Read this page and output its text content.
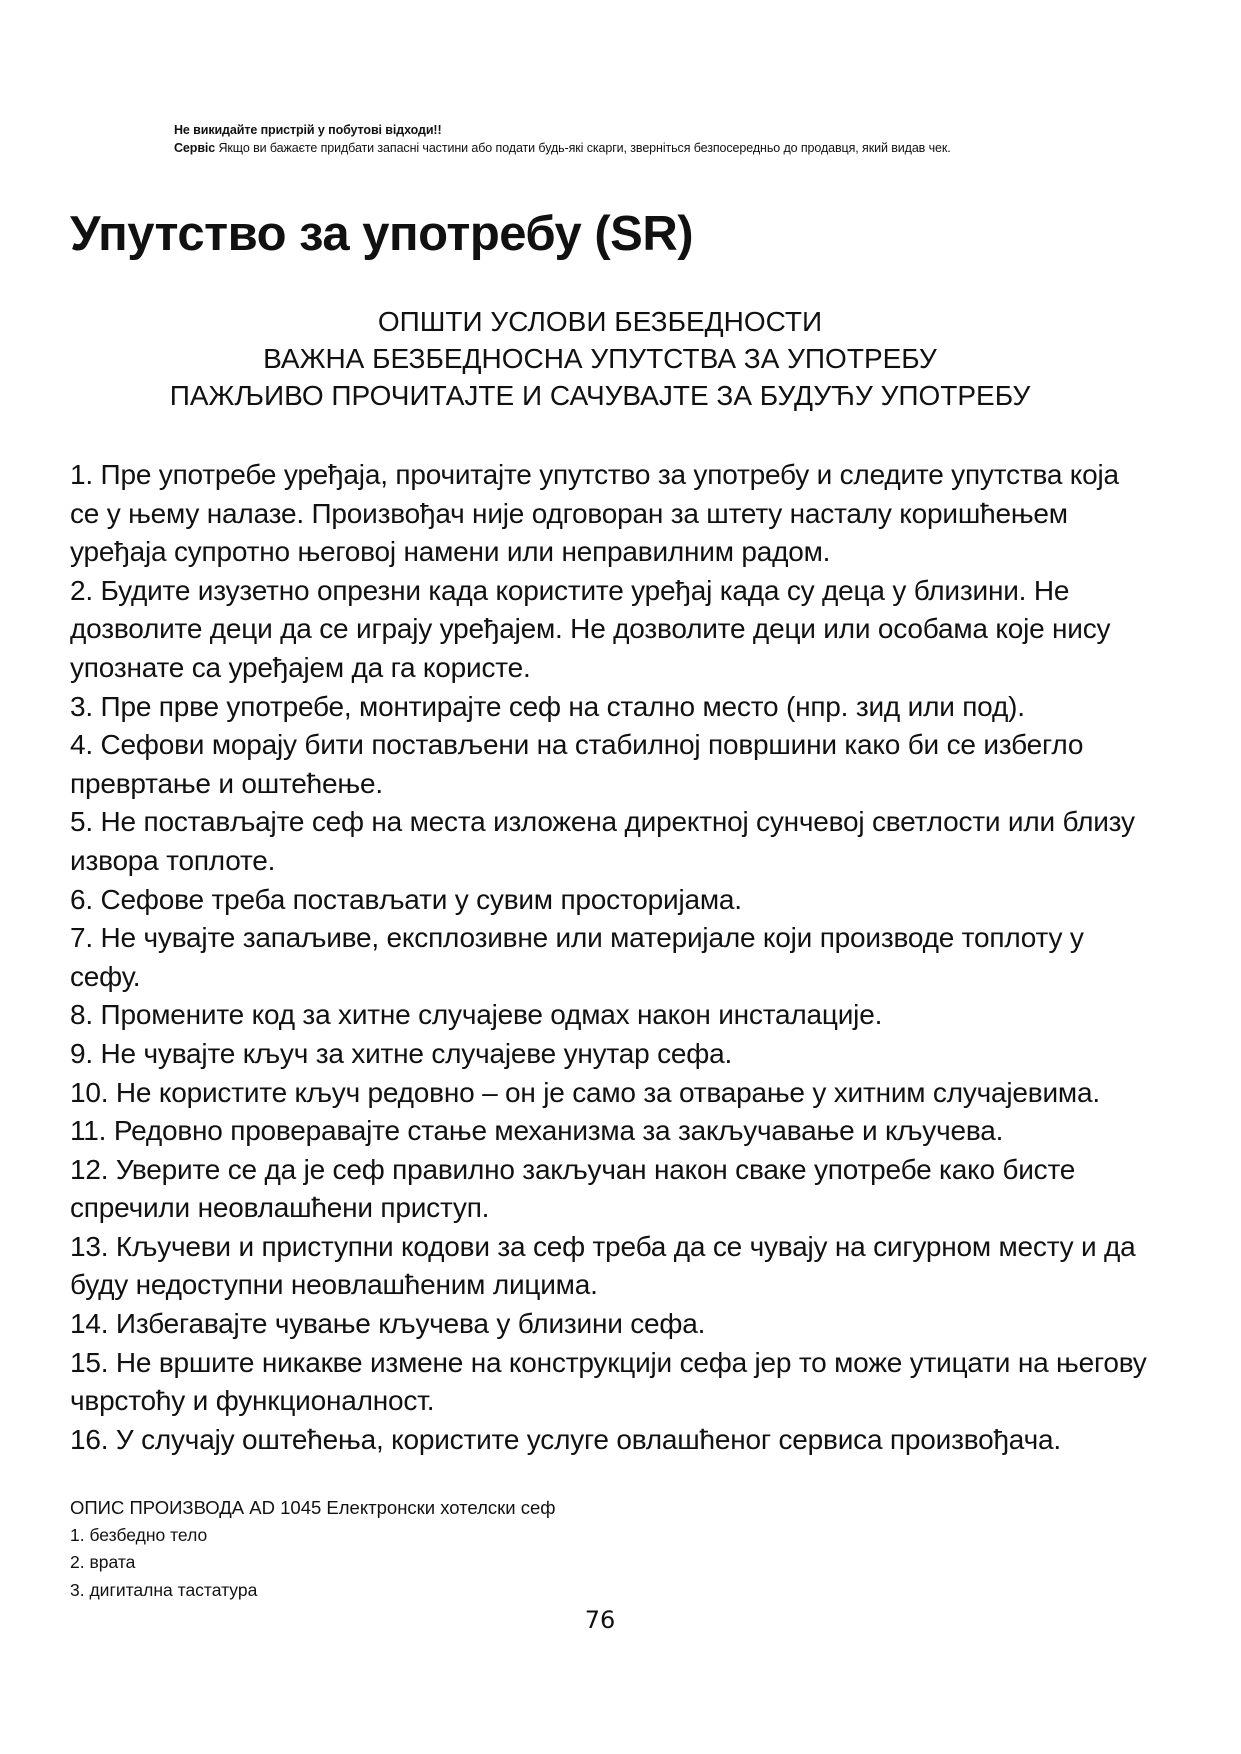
Не викидайте пристрій у побутові відходи!!
Сервіс Якщо ви бажаєте придбати запасні частини або подати будь-які скарги, зверніться безпосередньо до продавця, який видав чек.
Упутство за употребу (SR)
ОПШТИ УСЛОВИ БЕЗБЕДНОСТИ
ВАЖНА БЕЗБЕДНОСНА УПУТСТВА ЗА УПОТРЕБУ
ПАЖЉИВО ПРОЧИТАЈТЕ И САЧУВАЈТЕ ЗА БУДУЋУ УПОТРЕБУ

1. Пре употребе уређаја, прочитајте упутство за употребу и следите упутства која се у њему налазе. Произвођач није одговоран за штету насталу коришћењем уређаја супротно његовој намени или неправилним радом.

2. Будите изузетно опрезни када користите уређај када су деца у близини. Не дозволите деци да се играју уређајем. Не дозволите деци или особама које нису упознате са уређајем да га користе.

3. Пре прве употребе, монтирајте сеф на стално место (нпр. зид или под).

4. Сефови морају бити постављени на стабилној површини како би се избегло превртање и оштећење.

5. Не постављајте сеф на места изложена директној сунчевој светлости или близу извора топлоте.

6. Сефове треба постављати у сувим просторијама.

7. Не чувајте запаљиве, експлозивне или материјале који производе топлоту у сефу.

8. Промените код за хитне случајеве одмах након инсталације.

9. Не чувајте кључ за хитне случајеве унутар сефа.

10. Не користите кључ редовно – он је само за отварање у хитним случајевима.

11. Редовно проверавајте стање механизма за закључавање и кључева.

12. Уверите се да је сеф правилно закључан након сваке употребе како бисте спречили неовлашћени приступ.

13. Кључеви и приступни кодови за сеф треба да се чувају на сигурном месту и да буду недоступни неовлашћеним лицима.

14. Избегавајте чување кључева у близини сефа.

15. Не вршите никакве измене на конструкцији сефа јер то може утицати на његову чврстоћу и функционалност.

16. У случају оштећења, користите услуге овлашћеног сервиса произвођача.

ОПИС ПРОИЗВОДА AD 1045 Електронски хотелски сеф
1. безбедно тело
2. врата
3. дигитална тастатура
76
